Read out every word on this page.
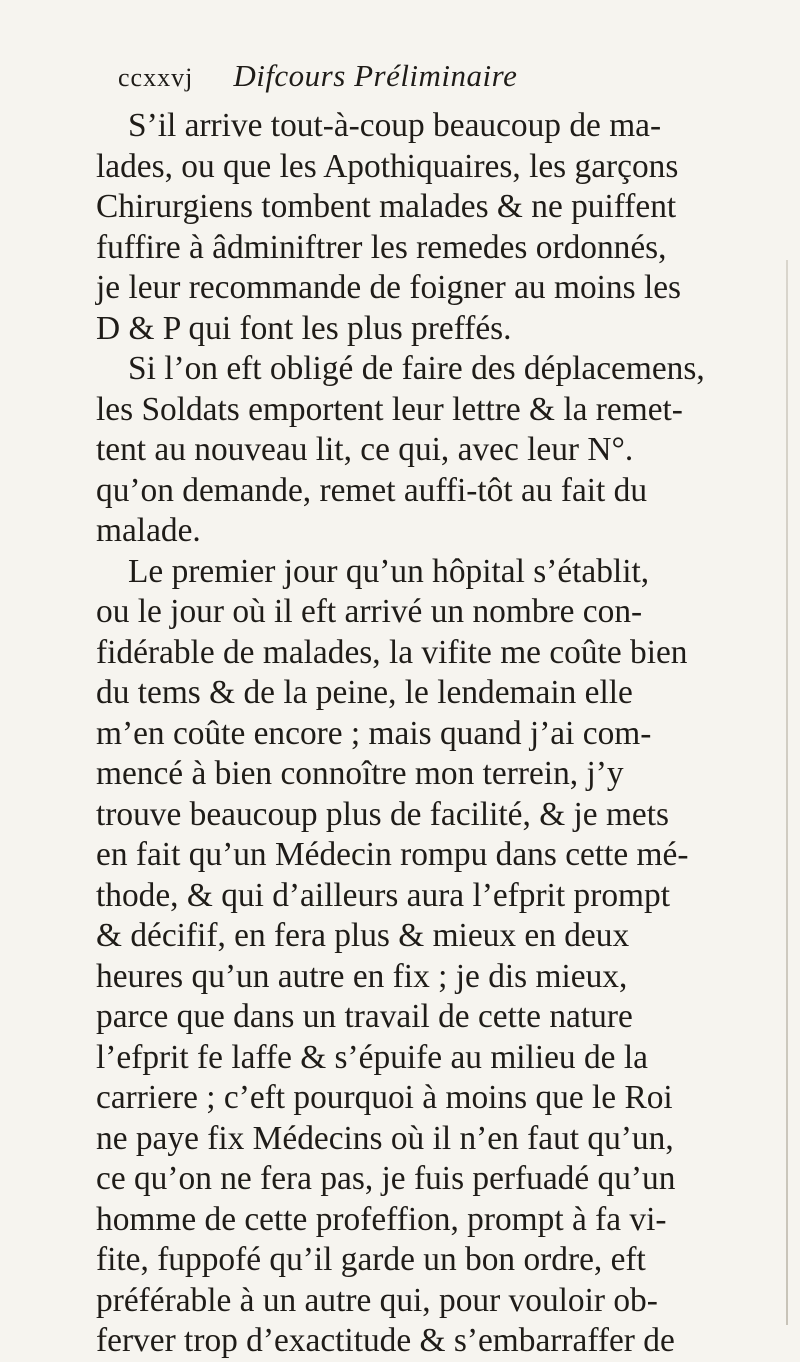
ccxxvj Difcours Préliminaire
S’il arrive tout-à-coup beaucoup de ma-
lades, ou que les Apothiquaires, les garçons
Chirurgiens tombent malades & ne puiffent
fuffire à âdminiftrer les remedes ordonnés,
je leur recommande de foigner au moins les
D & P qui font les plus preffés.
Si l’on eft obligé de faire des déplacemens,
les Soldats emportent leur lettre & la remet-
tent au nouveau lit, ce qui, avec leur N°.
qu’on demande, remet auffi-tôt au fait du
malade.
Le premier jour qu’un hôpital s’établit,
ou le jour où il eft arrivé un nombre con-
fidérable de malades, la vifite me coûte bien
du tems & de la peine, le lendemain elle
m’en coûte encore ; mais quand j’ai com-
mencé à bien connoître mon terrein, j’y
trouve beaucoup plus de facilité, & je mets
en fait qu’un Médecin rompu dans cette mé-
thode, & qui d’ailleurs aura l’efprit prompt
& décifif, en fera plus & mieux en deux
heures qu’un autre en fix ; je dis mieux,
parce que dans un travail de cette nature
l’efprit fe laffe & s’épuife au milieu de la
carriere ; c’eft pourquoi à moins que le Roi
ne paye fix Médecins où il n’en faut qu’un,
ce qu’on ne fera pas, je fuis perfuadé qu’un
homme de cette profeffion, prompt à fa vi-
fite, fuppofé qu’il garde un bon ordre, eft
préférable à un autre qui, pour vouloir ob-
ferver trop d’exactitude & s’embarraffer de
